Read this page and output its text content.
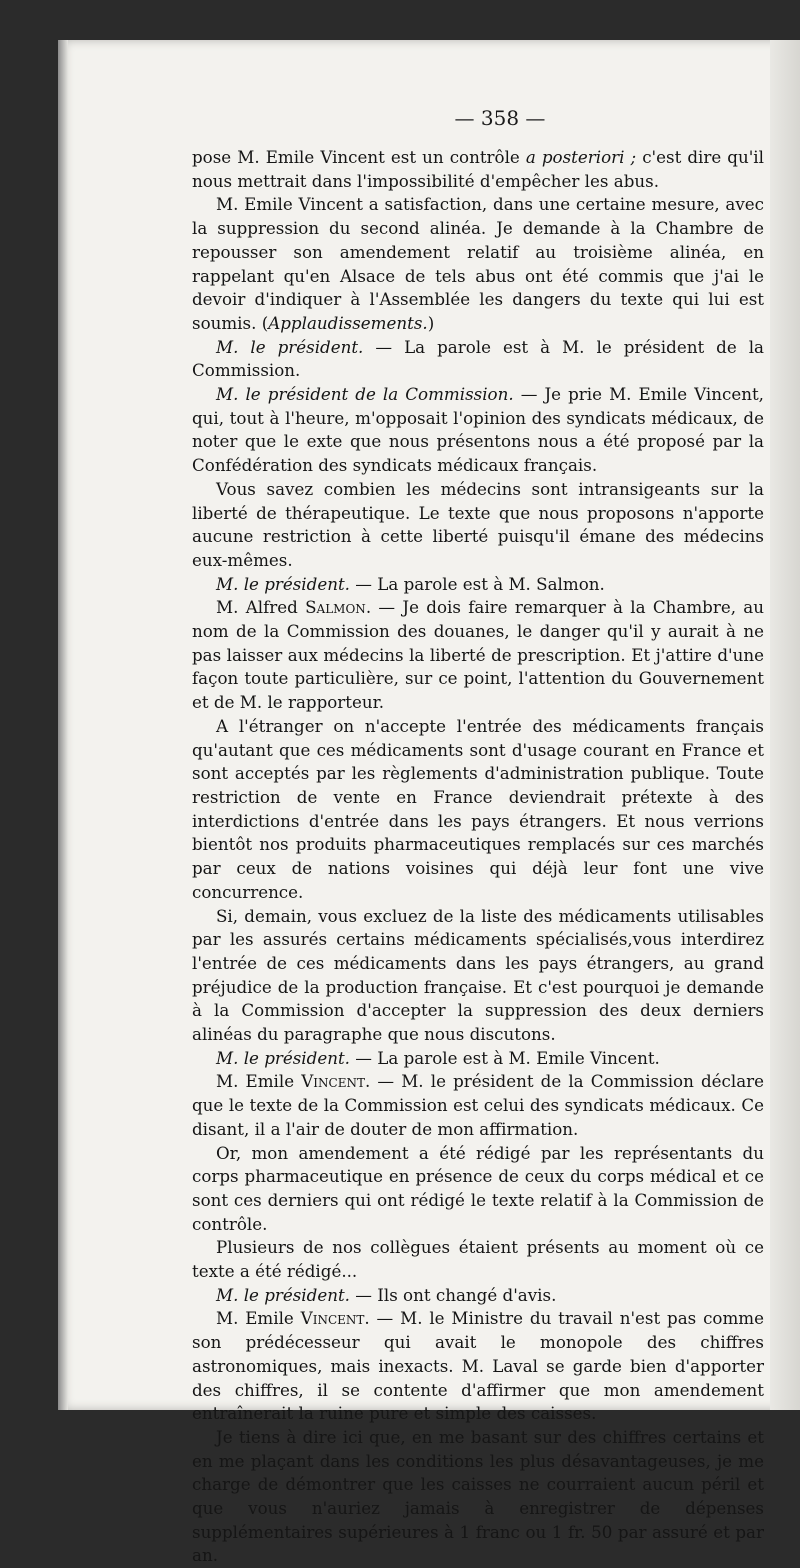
— 358 —

pose M. Emile Vincent est un contrôle a posteriori ; c'est dire qu'il nous mettrait dans l'impossibilité d'empêcher les abus.

M. Emile Vincent a satisfaction, dans une certaine mesure, avec la suppression du second alinéa. Je demande à la Chambre de repousser son amendement relatif au troisième alinéa, en rappelant qu'en Alsace de tels abus ont été commis que j'ai le devoir d'indiquer à l'Assemblée les dangers du texte qui lui est soumis. (Applaudissements.)

M. le président. — La parole est à M. le président de la Commission.

M. le président de la Commission. — Je prie M. Emile Vincent, qui, tout à l'heure, m'opposait l'opinion des syndicats médicaux, de noter que le exte que nous présentons nous a été proposé par la Confédération des syndicats médicaux français.

Vous savez combien les médecins sont intransigeants sur la liberté de thérapeutique. Le texte que nous proposons n'apporte aucune restriction à cette liberté puisqu'il émane des médecins eux-mêmes.

M. le président. — La parole est à M. Salmon.

M. Alfred Salmon. — Je dois faire remarquer à la Chambre, au nom de la Commission des douanes, le danger qu'il y aurait à ne pas laisser aux médecins la liberté de prescription. Et j'attire d'une façon toute particulière, sur ce point, l'attention du Gouvernement et de M. le rapporteur.

A l'étranger on n'accepte l'entrée des médicaments français qu'autant que ces médicaments sont d'usage courant en France et sont acceptés par les règlements d'administration publique. Toute restriction de vente en France deviendrait prétexte à des interdictions d'entrée dans les pays étrangers. Et nous verrions bientôt nos produits pharmaceutiques remplacés sur ces marchés par ceux de nations voisines qui déjà leur font une vive concurrence.

Si, demain, vous excluez de la liste des médicaments utilisables par les assurés certains médicaments spécialisés,vous interdirez l'entrée de ces médicaments dans les pays étrangers, au grand préjudice de la production française. Et c'est pourquoi je demande à la Commission d'accepter la suppression des deux derniers alinéas du paragraphe que nous discutons.

M. le président. — La parole est à M. Emile Vincent.

M. Emile Vincent. — M. le président de la Commission déclare que le texte de la Commission est celui des syndicats médicaux. Ce disant, il a l'air de douter de mon affirmation.

Or, mon amendement a été rédigé par les représentants du corps pharmaceutique en présence de ceux du corps médical et ce sont ces derniers qui ont rédigé le texte relatif à la Commission de contrôle.

Plusieurs de nos collègues étaient présents au moment où ce texte a été rédigé...

M. le président. — Ils ont changé d'avis.

M. Emile Vincent. — M. le Ministre du travail n'est pas comme son prédécesseur qui avait le monopole des chiffres astronomiques, mais inexacts. M. Laval se garde bien d'apporter des chiffres, il se contente d'affirmer que mon amendement entraînerait la ruine pure et simple des caisses.

Je tiens à dire ici que, en me basant sur des chiffres certains et en me plaçant dans les conditions les plus désavantageuses, je me charge de démontrer que les caisses ne courraient aucun péril et que vous n'auriez jamais à enregistrer de dépenses supplémentaires supérieures à 1 franc ou 1 fr. 50 par assuré et par an.
